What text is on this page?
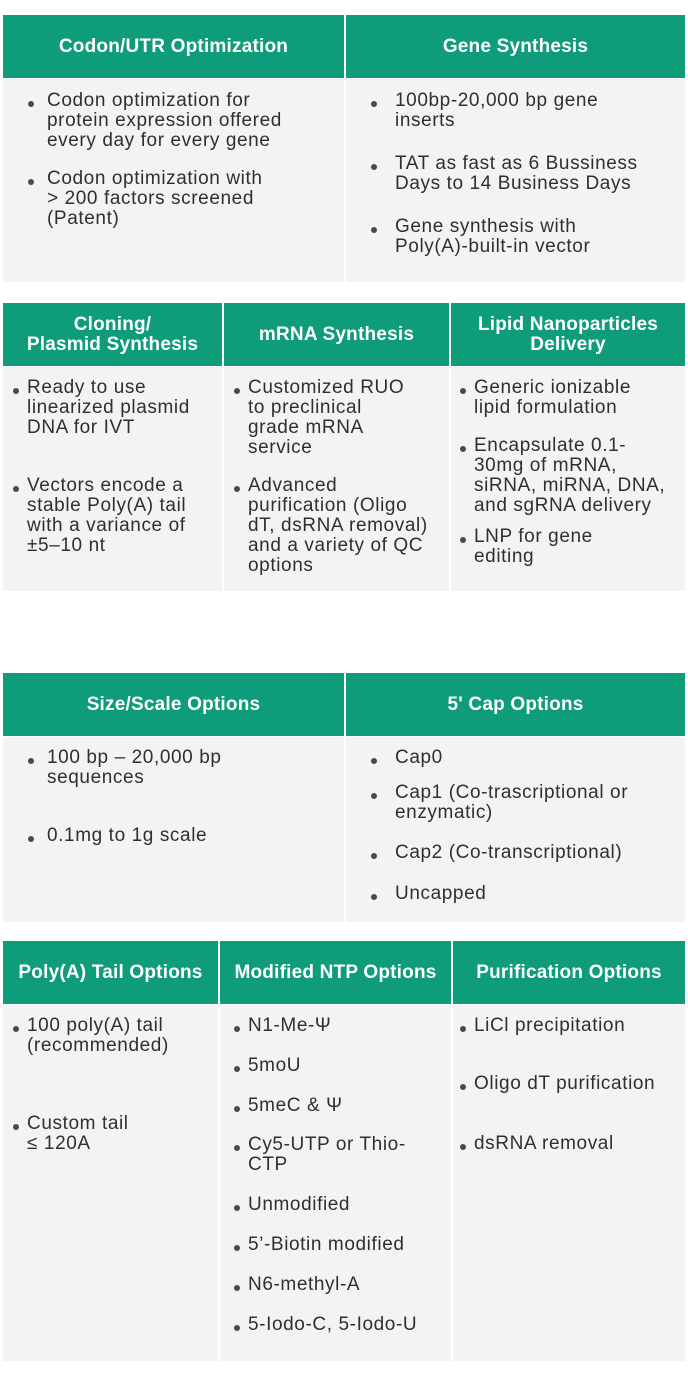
Codon/UTR Optimization
Codon optimization for
protein expression offered
every day for every gene
Codon optimization with
> 200 factors screened
(Patent)
Gene Synthesis
100bp-20,000 bp gene
inserts
TAT as fast as 6 Bussiness
Days to 14 Business Days
Gene synthesis with
Poly(A)-built-in vector
Cloning/
Plasmid Synthesis
Ready to use
linearized plasmid
DNA for IVT
Vectors encode a
stable Poly(A) tail
with a variance of
±5–10 nt
mRNA Synthesis
Customized RUO
to preclinical
grade mRNA
service
Advanced
purification (Oligo
dT, dsRNA removal)
and a variety of QC
options
Lipid Nanoparticles
Delivery
Generic ionizable
lipid formulation
Encapsulate 0.1-
30mg of mRNA,
siRNA, miRNA, DNA,
and sgRNA delivery
LNP for gene
editing
Size/Scale Options
100 bp – 20,000 bp
sequences
0.1mg to 1g scale
5' Cap Options
Cap0
Cap1 (Co-trascriptional or
enzymatic)
Cap2 (Co-transcriptional)
Uncapped
Poly(A) Tail Options
100 poly(A) tail
(recommended)
Custom tail
≤ 120A
Modified NTP Options
N1-Me-Ψ
5moU
5meC & Ψ
Cy5-UTP or Thio-
CTP
Unmodified
5’-Biotin modified
N6-methyl-A
5-Iodo-C, 5-Iodo-U
Purification Options
LiCl precipitation
Oligo dT purification
dsRNA removal
